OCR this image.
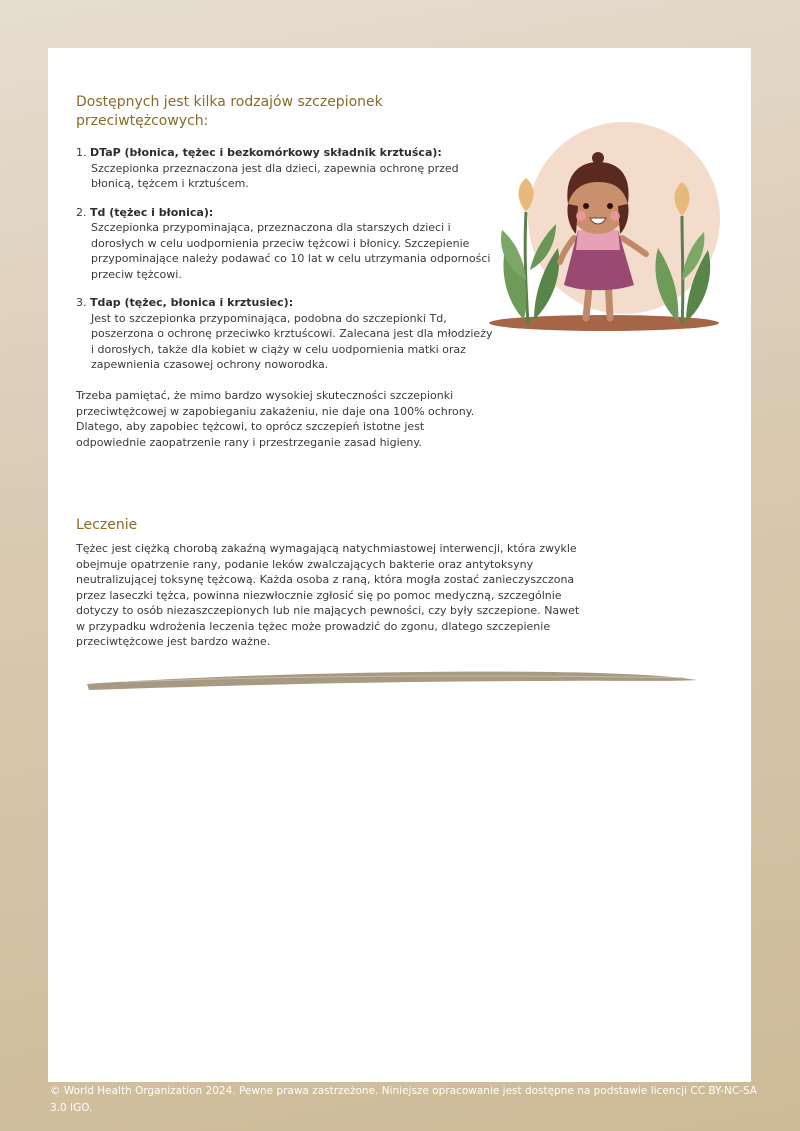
Dostępnych jest kilka rodzajów szczepionek przeciwtężcowych:
1. DTaP (błonica, tężec i bezkomórkowy składnik krztuśca):
Szczepionka przeznaczona jest dla dzieci, zapewnia ochronę przed błonicą, tężcem i krztuścem.
2. Td (tężec i błonica):
Szczepionka przypominająca, przeznaczona dla starszych dzieci i dorosłych w celu uodpornienia przeciw tężcowi i błonicy. Szczepienie przypominające należy podawać co 10 lat w celu utrzymania odporności przeciw tężcowi.
3. Tdap (tężec, błonica i krztusiec):
Jest to szczepionka przypominająca, podobna do szczepionki Td, poszerzona o ochronę przeciwko krztuścowi. Zalecana jest dla młodzieży i dorosłych, także dla kobiet w ciąży w celu uodpornienia matki oraz zapewnienia czasowej ochrony noworodka.

Trzeba pamiętać, że mimo bardzo wysokiej skuteczności szczepionki przeciwtężcowej w zapobieganiu zakażeniu, nie daje ona 100% ochrony. Dlatego, aby zapobiec tężcowi, to oprócz szczepień istotne jest odpowiednie zaopatrzenie rany i przestrzeganie zasad higieny.

Leczenie

Tężec jest ciężką chorobą zakaźną wymagającą natychmiastowej interwencji, która zwykle obejmuje opatrzenie rany, podanie leków zwalczających bakterie oraz antytoksyny neutralizującej toksynę tężcową. Każda osoba z raną, która mogła zostać zanieczyszczona przez laseczki tężca, powinna niezwłocznie zgłosić się po pomoc medyczną, szczególnie dotyczy to osób niezaszczepionych lub nie mających pewności, czy były szczepione. Nawet w przypadku wdrożenia leczenia tężec może prowadzić do zgonu, dlatego szczepienie przeciwtężcowe jest bardzo ważne.

© World Health Organization 2024. Pewne prawa zastrzeżone. Niniejsze opracowanie jest dostępne na podstawie licencji CC BY-NC-SA 3.0 IGO.
